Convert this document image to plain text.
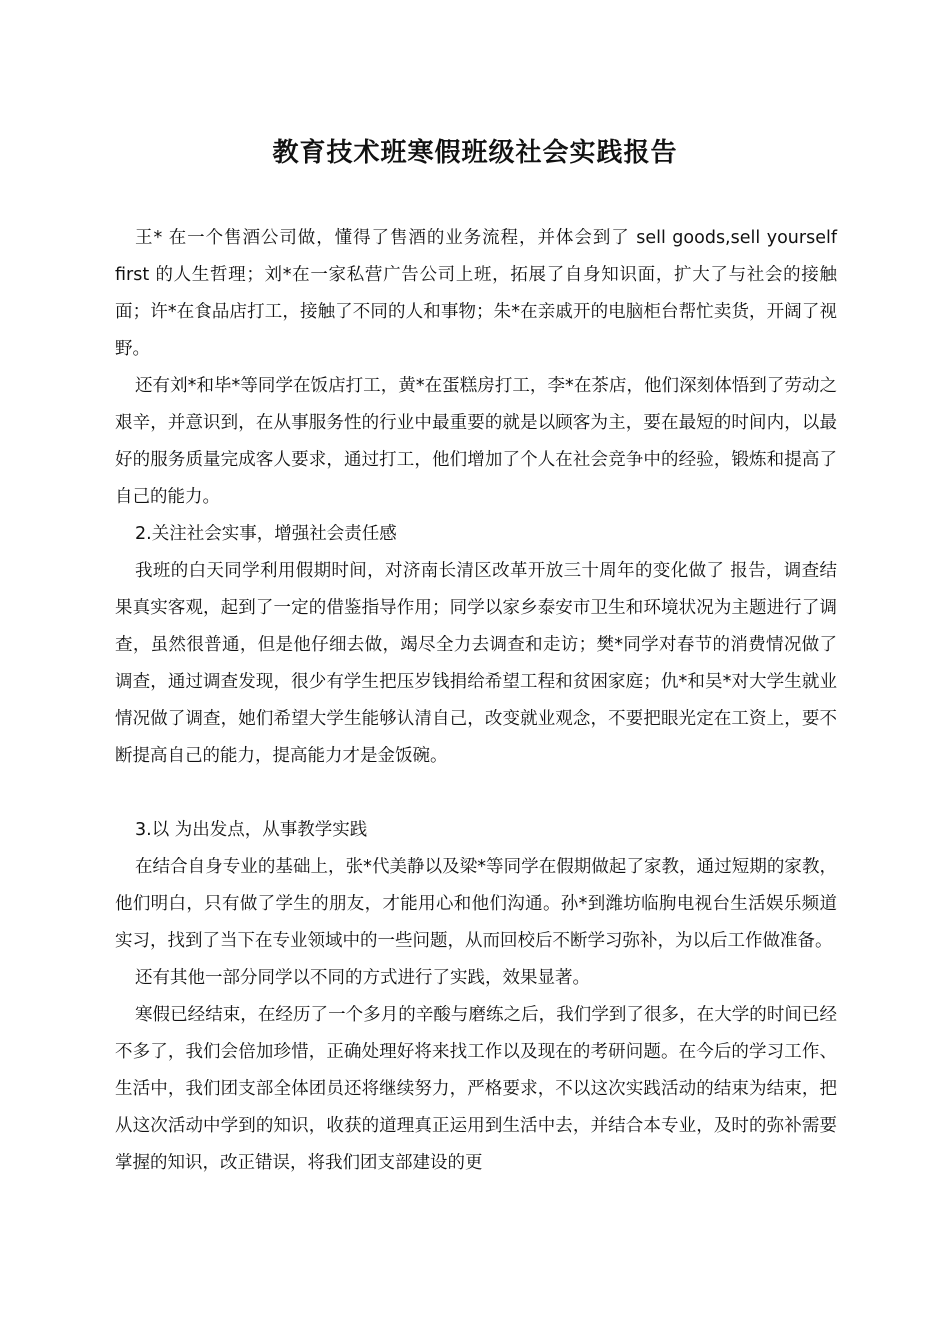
教育技术班寒假班级社会实践报告

王* 在一个售酒公司做，懂得了售酒的业务流程，并体会到了 sell goods,sell yourself first 的人生哲理；刘*在一家私营广告公司上班，拓展了自身知识面，扩大了与社会的接触面；许*在食品店打工，接触了不同的人和事物；朱*在亲戚开的电脑柜台帮忙卖货，开阔了视野。

还有刘*和毕*等同学在饭店打工，黄*在蛋糕房打工，李*在茶店，他们深刻体悟到了劳动之艰辛，并意识到，在从事服务性的行业中最重要的就是以顾客为主，要在最短的时间内，以最好的服务质量完成客人要求，通过打工，他们增加了个人在社会竞争中的经验，锻炼和提高了自己的能力。

2.关注社会实事，增强社会责任感

我班的白天同学利用假期时间，对济南长清区改革开放三十周年的变化做了 报告，调查结果真实客观，起到了一定的借鉴指导作用；同学以家乡泰安市卫生和环境状况为主题进行了调查，虽然很普通，但是他仔细去做，竭尽全力去调查和走访；樊*同学对春节的消费情况做了调查，通过调查发现，很少有学生把压岁钱捐给希望工程和贫困家庭；仇*和吴*对大学生就业情况做了调查，她们希望大学生能够认清自己，改变就业观念，不要把眼光定在工资上，要不断提高自己的能力，提高能力才是金饭碗。

3.以 为出发点，从事教学实践

在结合自身专业的基础上，张*代美静以及梁*等同学在假期做起了家教，通过短期的家教，他们明白，只有做了学生的朋友，才能用心和他们沟通。孙*到潍坊临朐电视台生活娱乐频道实习，找到了当下在专业领域中的一些问题，从而回校后不断学习弥补，为以后工作做准备。

还有其他一部分同学以不同的方式进行了实践，效果显著。

寒假已经结束，在经历了一个多月的辛酸与磨练之后，我们学到了很多，在大学的时间已经不多了，我们会倍加珍惜，正确处理好将来找工作以及现在的考研问题。在今后的学习工作、生活中，我们团支部全体团员还将继续努力，严格要求，不以这次实践活动的结束为结束，把从这次活动中学到的知识，收获的道理真正运用到生活中去，并结合本专业，及时的弥补需要掌握的知识，改正错误，将我们团支部建设的更
